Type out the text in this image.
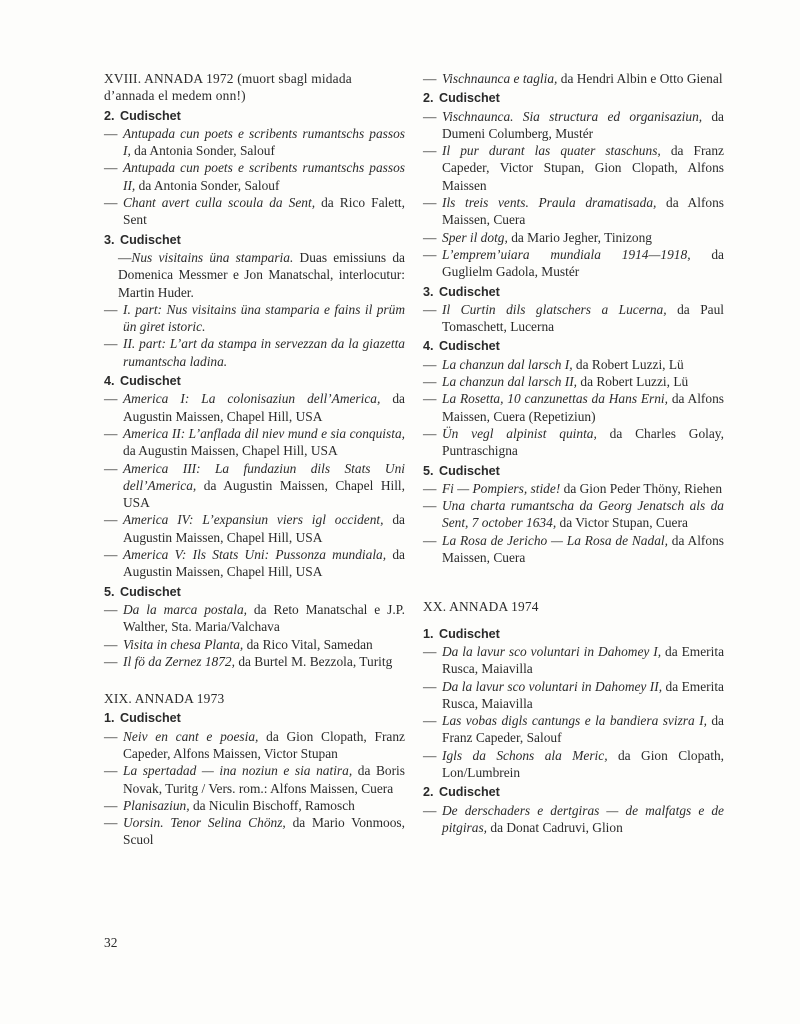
XVIII. ANNADA 1972 (muort sbagl midada d’annada el medem onn!)
2. Cudischet
— Antupada cun poets e scribents rumantschs passos I, da Antonia Sonder, Salouf
— Antupada cun poets e scribents rumantschs passos II, da Antonia Sonder, Salouf
— Chant avert culla scoula da Sent, da Rico Falett, Sent
3. Cudischet
—Nus visitains üna stamparia. Duas emissiuns da Domenica Messmer e Jon Manatschal, interlocutur: Martin Huder.
— I. part: Nus visitains üna stamparia e fains il prüm ün giret istoric.
— II. part: L’art da stampa in servezzan da la giazetta rumantscha ladina.
4. Cudischet
— America I: La colonisaziun dell’America, da Augustin Maissen, Chapel Hill, USA
— America II: L’anflada dil niev mund e sia conquista, da Augustin Maissen, Chapel Hill, USA
— America III: La fundaziun dils Stats Uni dell’America, da Augustin Maissen, Chapel Hill, USA
— America IV: L’expansiun viers igl occident, da Augustin Maissen, Chapel Hill, USA
— America V: Ils Stats Uni: Pussonza mundiala, da Augustin Maissen, Chapel Hill, USA
5. Cudischet
— Da la marca postala, da Reto Manatschal e J.P. Walther, Sta. Maria/Valchava
— Visita in chesa Planta, da Rico Vital, Samedan
— Il fö da Zernez 1872, da Burtel M. Bezzola, Turitg
XIX. ANNADA 1973
1. Cudischet
— Neiv en cant e poesia, da Gion Clopath, Franz Capeder, Alfons Maissen, Victor Stupan
— La spertadad — ina noziun e sia natira, da Boris Novak, Turitg / Vers. rom.: Alfons Maissen, Cuera
— Planisaziun, da Niculin Bischoff, Ramosch
— Uorsin. Tenor Selina Chönz, da Mario Vonmoos, Scuol
— Vischnaunca e taglia, da Hendri Albin e Otto Gienal
2. Cudischet
— Vischnaunca. Sia structura ed organisaziun, da Dumeni Columberg, Mustér
— Il pur durant las quater staschuns, da Franz Capeder, Victor Stupan, Gion Clopath, Alfons Maissen
— Ils treis vents. Praula dramatisada, da Alfons Maissen, Cuera
— Sper il dotg, da Mario Jegher, Tinizong
— L’emprem’uiara mundiala 1914—1918, da Guglielm Gadola, Mustér
3. Cudischet
— Il Curtin dils glatschers a Lucerna, da Paul Tomaschett, Lucerna
4. Cudischet
— La chanzun dal larsch I, da Robert Luzzi, Lü
— La chanzun dal larsch II, da Robert Luzzi, Lü
— La Rosetta, 10 canzunettas da Hans Erni, da Alfons Maissen, Cuera (Repetiziun)
— Ün vegl alpinist quinta, da Charles Golay, Puntraschigna
5. Cudischet
— Fi — Pompiers, stide! da Gion Peder Thöny, Riehen
— Una charta rumantscha da Georg Jenatsch als da Sent, 7 october 1634, da Victor Stupan, Cuera
— La Rosa de Jericho — La Rosa de Nadal, da Alfons Maissen, Cuera
XX. ANNADA 1974
1. Cudischet
— Da la lavur sco voluntari in Dahomey I, da Emerita Rusca, Maiavilla
— Da la lavur sco voluntari in Dahomey II, da Emerita Rusca, Maiavilla
— Las vobas digls cantungs e la bandiera svizra I, da Franz Capeder, Salouf
— Igls da Schons ala Meric, da Gion Clopath, Lon/Lumbrein
2. Cudischet
— De derschaders e dertgiras — de malfatgs e de pitgiras, da Donat Cadruvi, Glion
32
